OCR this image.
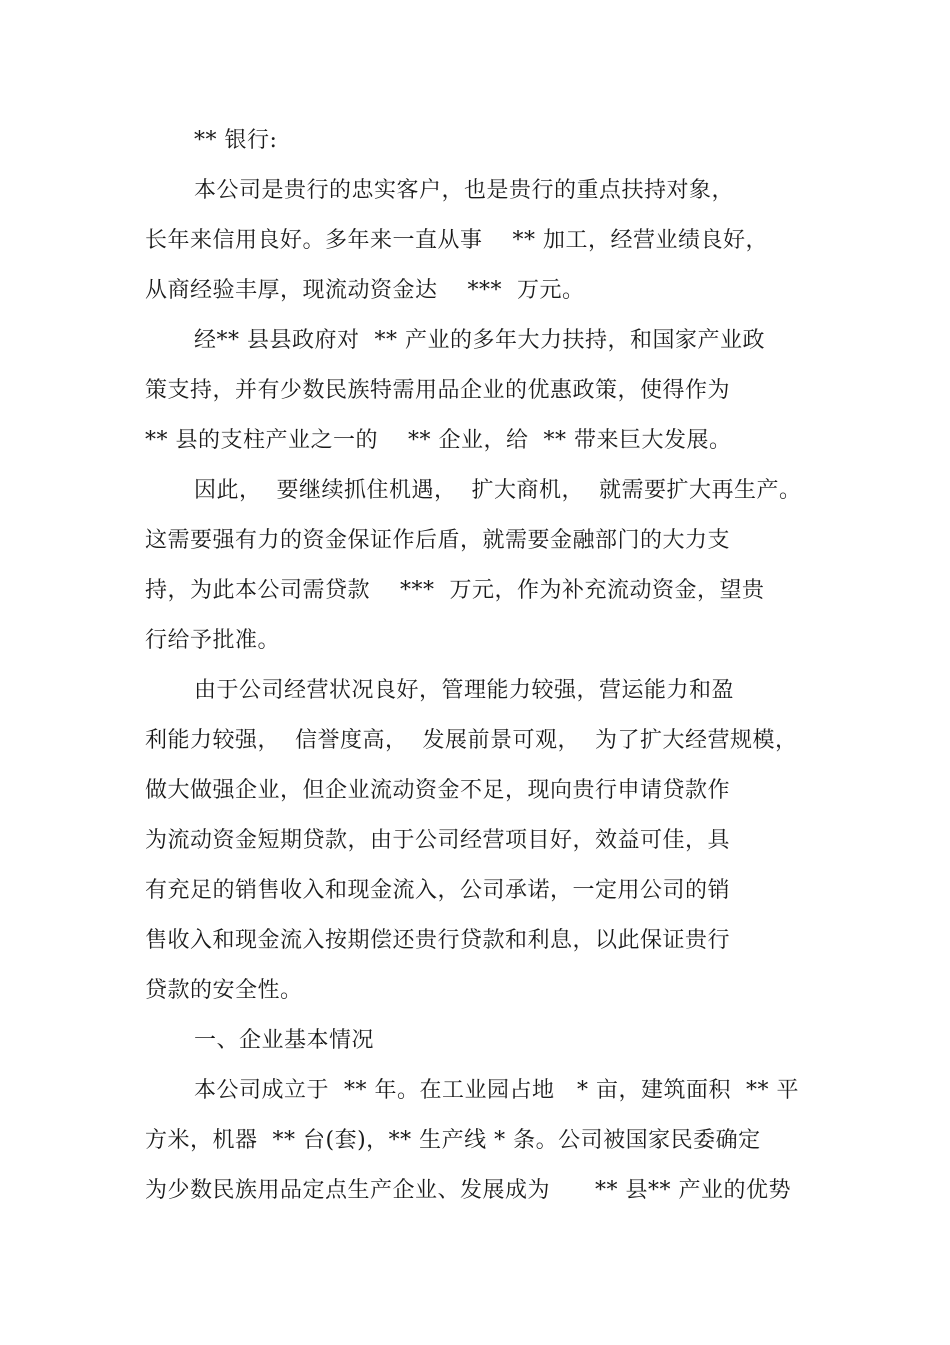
** 银行:
本公司是贵行的忠实客户，也是贵行的重点扶持对象，
长年来信用良好。多年来一直从事　 ** 加工，经营业绩良好，
从商经验丰厚，现流动资金达　 ***  万元。
经** 县县政府对  ** 产业的多年大力扶持，和国家产业政
策支持，并有少数民族特需用品企业的优惠政策，使得作为
** 县的支柱产业之一的　 ** 企业，给  ** 带来巨大发展。
因此，  要继续抓住机遇，  扩大商机，  就需要扩大再生产。
这需要强有力的资金保证作后盾，就需要金融部门的大力支
持，为此本公司需贷款　 ***  万元，作为补充流动资金，望贵
行给予批准。
由于公司经营状况良好，管理能力较强，营运能力和盈
利能力较强，  信誉度高，  发展前景可观，  为了扩大经营规模，
做大做强企业，但企业流动资金不足，现向贵行申请贷款作
为流动资金短期贷款，由于公司经营项目好，效益可佳，具
有充足的销售收入和现金流入，公司承诺，一定用公司的销
售收入和现金流入按期偿还贵行贷款和利息，以此保证贵行
贷款的安全性。
一、企业基本情况
本公司成立于  ** 年。在工业园占地　* 亩，建筑面积  ** 平
方米，机器  ** 台(套)，** 生产线 * 条。公司被国家民委确定
为少数民族用品定点生产企业、发展成为　　** 县** 产业的优势
